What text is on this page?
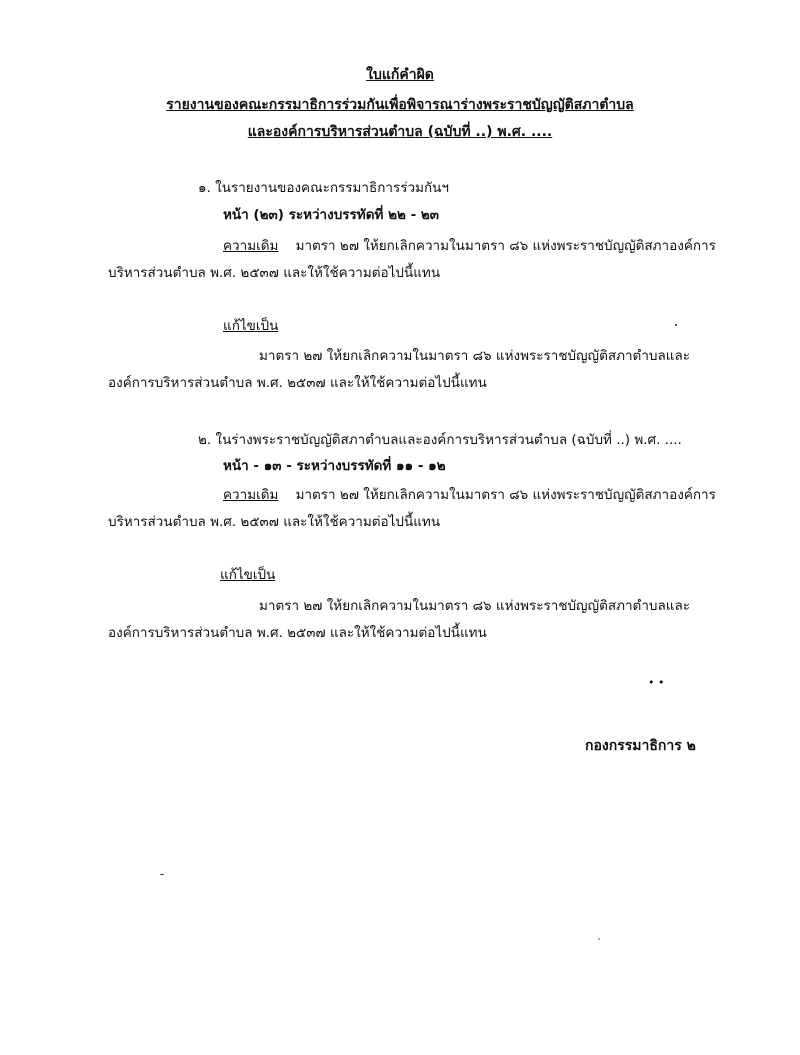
ใบแก้คำผิด
รายงานของคณะกรรมาธิการร่วมกันเพื่อพิจารณาร่างพระราชบัญญัติสภาตำบล
และองค์การบริหารส่วนตำบล (ฉบับที่ ..) พ.ศ. ....
๑. ในรายงานของคณะกรรมาธิการร่วมกันฯ
หน้า (๒๓) ระหว่างบรรทัดที่ ๒๒ - ๒๓
ความเดิม มาตรา ๒๗ ให้ยกเลิกความในมาตรา ๘๖ แห่งพระราชบัญญัติสภาองค์การ
บริหารส่วนตำบล พ.ศ. ๒๕๓๗ และให้ใช้ความต่อไปนี้แทน
แก้ไขเป็น
มาตรา ๒๗ ให้ยกเลิกความในมาตรา ๘๖ แห่งพระราชบัญญัติสภาตำบลและ
องค์การบริหารส่วนตำบล พ.ศ. ๒๕๓๗ และให้ใช้ความต่อไปนี้แทน
๒. ในร่างพระราชบัญญัติสภาตำบลและองค์การบริหารส่วนตำบล (ฉบับที่ ..) พ.ศ. ....
หน้า - ๑๓ - ระหว่างบรรทัดที่ ๑๑ - ๑๒
ความเดิม มาตรา ๒๗ ให้ยกเลิกความในมาตรา ๘๖ แห่งพระราชบัญญัติสภาองค์การ
บริหารส่วนตำบล พ.ศ. ๒๕๓๗ และให้ใช้ความต่อไปนี้แทน
แก้ไขเป็น
มาตรา ๒๗ ให้ยกเลิกความในมาตรา ๘๖ แห่งพระราชบัญญัติสภาตำบลและ
องค์การบริหารส่วนตำบล พ.ศ. ๒๕๓๗ และให้ใช้ความต่อไปนี้แทน
• •
กองกรรมาธิการ ๒
